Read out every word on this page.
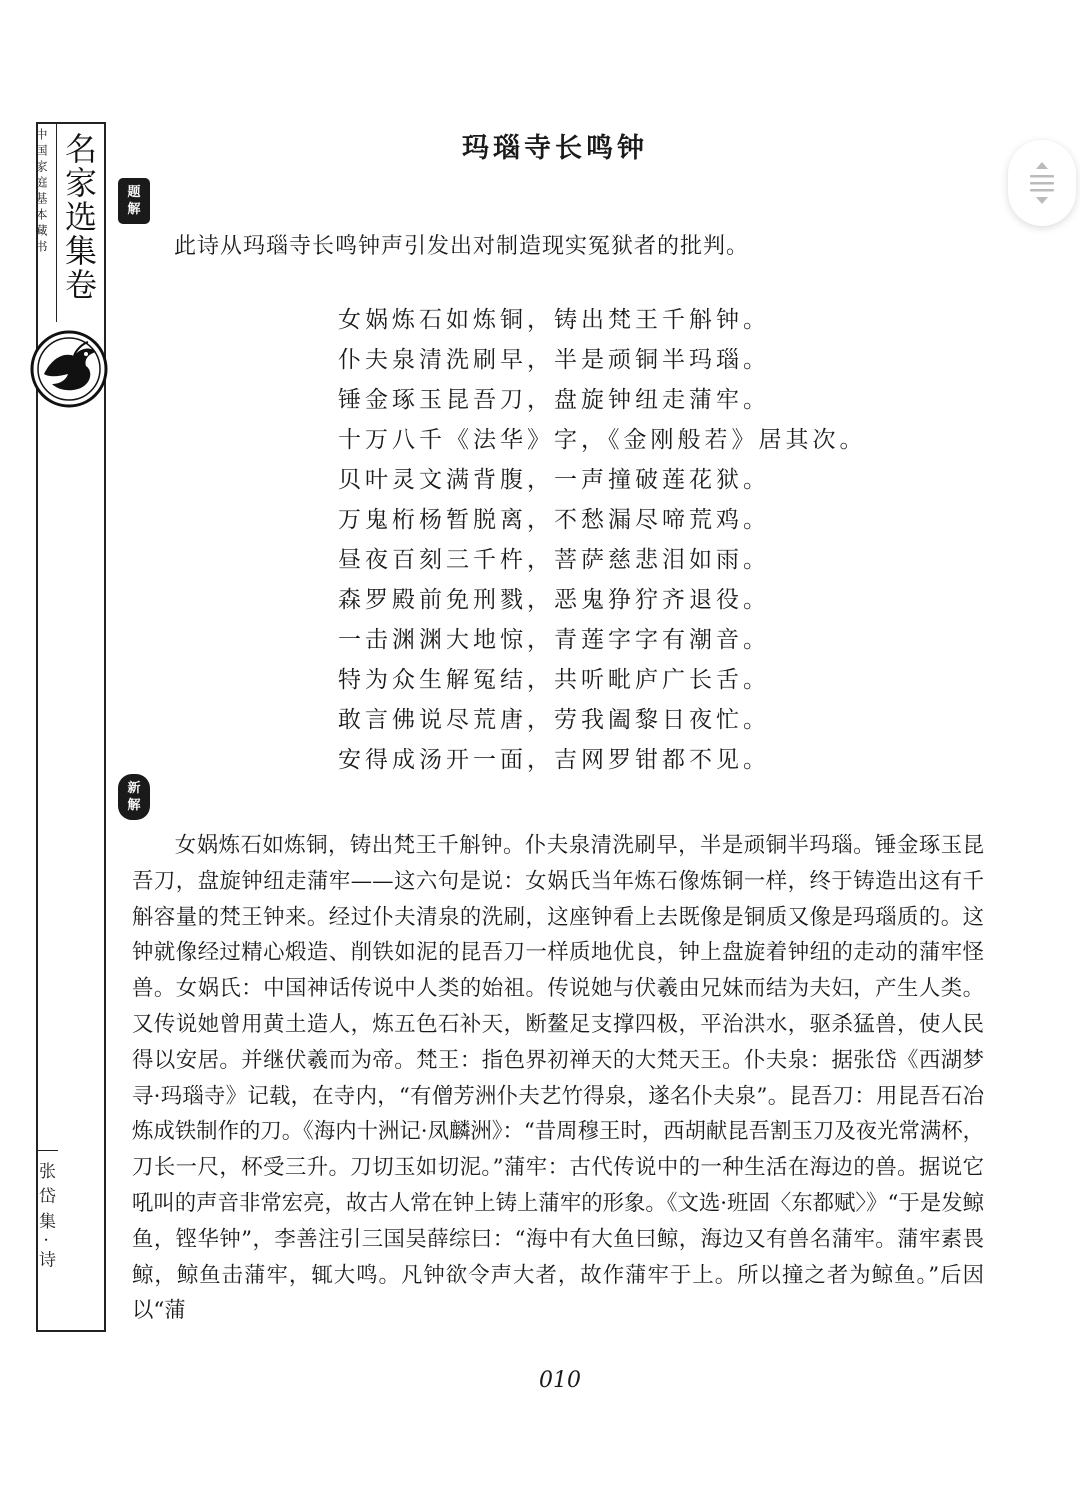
中国家庭基本藏书 名家选集卷
张岱集·诗
玛瑙寺长鸣钟
题
解
此诗从玛瑙寺长鸣钟声引发出对制造现实冤狱者的批判。
女娲炼石如炼铜，铸出梵王千斛钟。
仆夫泉清洗刷早，半是顽铜半玛瑙。
锤金琢玉昆吾刀，盘旋钟纽走蒲牢。
十万八千《法华》字，《金刚般若》居其次。
贝叶灵文满背腹，一声撞破莲花狱。
万鬼桁杨暂脱离，不愁漏尽啼荒鸡。
昼夜百刻三千杵，菩萨慈悲泪如雨。
森罗殿前免刑戮，恶鬼狰狞齐退役。
一击渊渊大地惊，青莲字字有潮音。
特为众生解冤结，共听毗庐广长舌。
敢言佛说尽荒唐，劳我阖黎日夜忙。
安得成汤开一面，吉网罗钳都不见。
新
解

女娲炼石如炼铜，铸出梵王千斛钟。仆夫泉清洗刷早，半是顽铜半玛瑙。锤金琢玉昆吾刀，盘旋钟纽走蒲牢——这六句是说：女娲氏当年炼石像炼铜一样，终于铸造出这有千斛容量的梵王钟来。经过仆夫清泉的洗刷，这座钟看上去既像是铜质又像是玛瑙质的。这钟就像经过精心煅造、削铁如泥的昆吾刀一样质地优良，钟上盘旋着钟纽的走动的蒲牢怪兽。女娲氏：中国神话传说中人类的始祖。传说她与伏羲由兄妹而结为夫妇，产生人类。又传说她曾用黄土造人，炼五色石补天，断鳌足支撑四极，平治洪水，驱杀猛兽，使人民得以安居。并继伏羲而为帝。梵王：指色界初禅天的大梵天王。仆夫泉：据张岱《西湖梦寻·玛瑙寺》记载，在寺内，“有僧芳洲仆夫艺竹得泉，遂名仆夫泉”。昆吾刀：用昆吾石冶炼成铁制作的刀。《海内十洲记·凤麟洲》：“昔周穆王时，西胡献昆吾割玉刀及夜光常满杯，刀长一尺，杯受三升。刀切玉如切泥。”蒲牢：古代传说中的一种生活在海边的兽。据说它吼叫的声音非常宏亮，故古人常在钟上铸上蒲牢的形象。《文选·班固〈东都赋〉》“于是发鲸鱼，铿华钟”，李善注引三国吴薛综曰：“海中有大鱼曰鲸，海边又有兽名蒲牢。蒲牢素畏鲸，鲸鱼击蒲牢，辄大鸣。凡钟欲令声大者，故作蒲牢于上。所以撞之者为鲸鱼。”后因以“蒲

010
